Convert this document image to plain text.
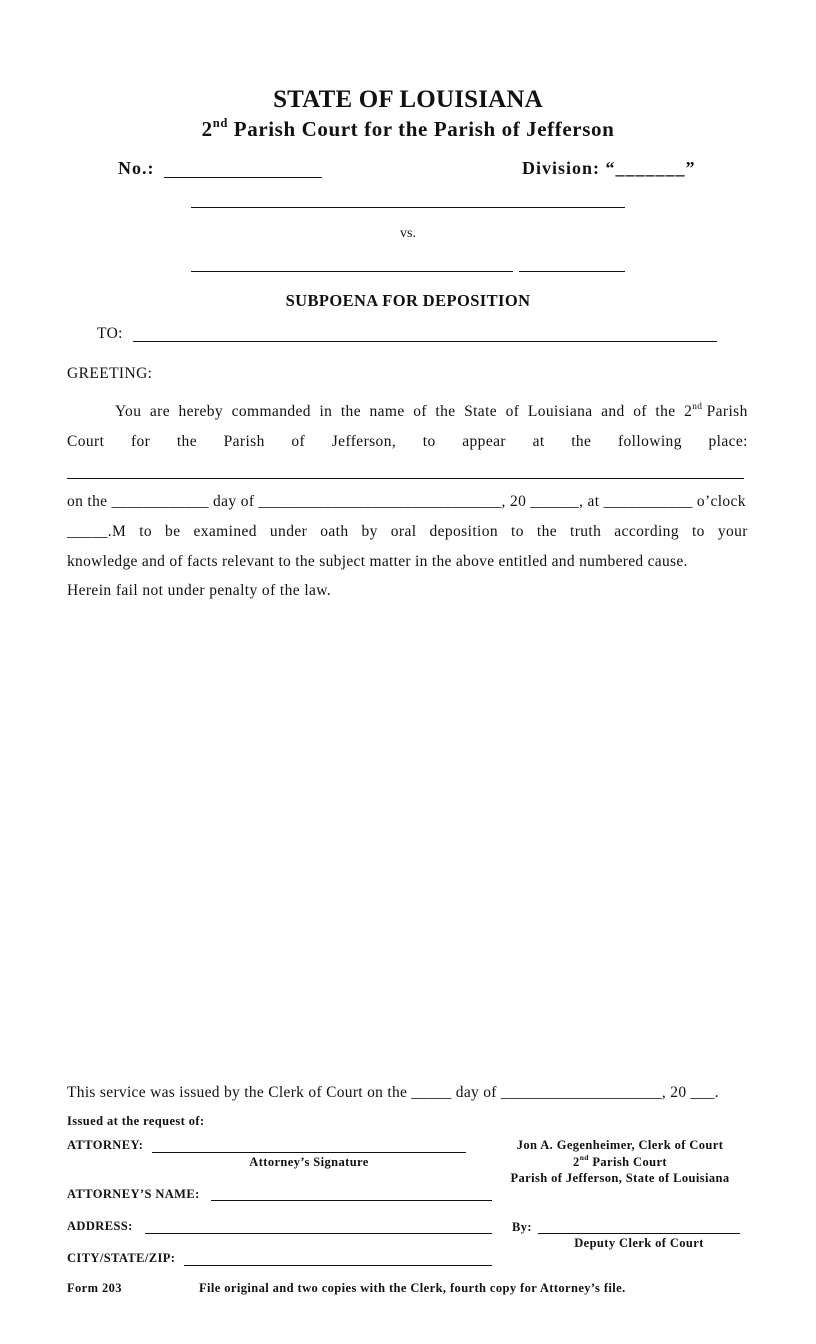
STATE OF LOUISIANA
2nd Parish Court for the Parish of Jefferson
No.:	Division: “_______”
vs.
SUBPOENA FOR DEPOSITION
TO:
GREETING:
You are hereby commanded in the name of the State of Louisiana and of the 2nd Parish
Court for the Parish of Jefferson, to appear at the following place:
on the ____________ day of ______________________________, 20 ______, at ___________ o’clock
_____.M to be examined under oath by oral deposition to the truth according to your
knowledge and of facts relevant to the subject matter in the above entitled and numbered cause.
Herein fail not under penalty of the law.
This service was issued by the Clerk of Court on the _____ day of ____________________, 20 ___.
Issued at the request of:
ATTORNEY:
Attorney’s Signature
ATTORNEY’S NAME:
ADDRESS:
CITY/STATE/ZIP:
Jon A. Gegenheimer, Clerk of Court
2nd Parish Court
Parish of Jefferson, State of Louisiana
By:
Deputy Clerk of Court
Form 203	File original and two copies with the Clerk, fourth copy for Attorney’s file.
